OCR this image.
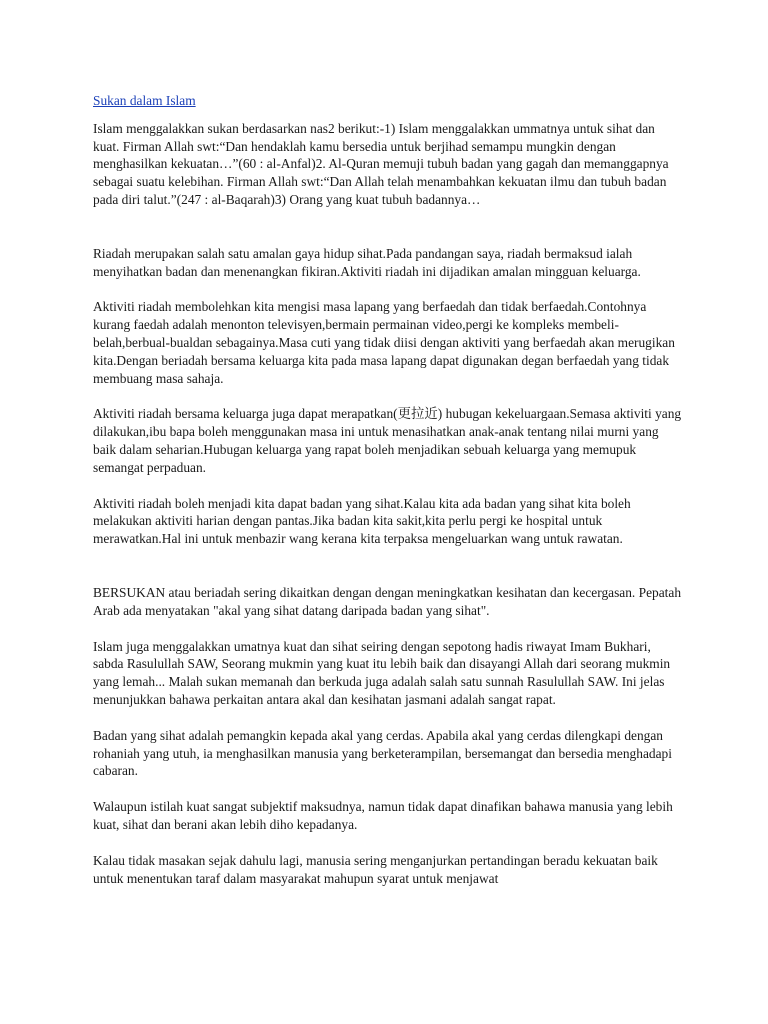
Sukan dalam Islam

Islam menggalakkan sukan berdasarkan nas2 berikut:-1) Islam menggalakkan ummatnya untuk sihat dan kuat. Firman Allah swt:“Dan hendaklah kamu bersedia untuk berjihad semampu mungkin dengan menghasilkan kekuatan…”(60 : al-Anfal)2. Al-Quran memuji tubuh badan yang gagah dan memanggapnya sebagai suatu kelebihan. Firman Allah swt:“Dan Allah telah menambahkan kekuatan ilmu dan tubuh badan pada diri talut.”(247 : al-Baqarah)3) Orang yang kuat tubuh badannya…

Riadah merupakan salah satu amalan gaya hidup sihat.Pada pandangan saya, riadah bermaksud ialah menyihatkan badan dan menenangkan fikiran.Aktiviti riadah ini dijadikan amalan mingguan keluarga.

Aktiviti riadah membolehkan kita mengisi masa lapang yang berfaedah dan tidak berfaedah.Contohnya kurang faedah adalah menonton televisyen,bermain permainan video,pergi ke kompleks membeli-belah,berbual-bualdan sebagainya.Masa cuti yang tidak diisi dengan aktiviti yang berfaedah akan merugikan kita.Dengan beriadah bersama keluarga kita pada masa lapang dapat digunakan degan berfaedah yang tidak membuang masa sahaja.

Aktiviti riadah bersama keluarga juga dapat merapatkan(更拉近) hubugan kekeluargaan.Semasa aktiviti yang dilakukan,ibu bapa boleh menggunakan masa ini untuk menasihatkan anak-anak tentang nilai murni yang baik dalam seharian.Hubugan keluarga yang rapat boleh menjadikan sebuah keluarga yang memupuk semangat perpaduan.

Aktiviti riadah boleh menjadi kita dapat badan yang sihat.Kalau kita ada badan yang sihat kita boleh melakukan aktiviti harian dengan pantas.Jika badan kita sakit,kita perlu pergi ke hospital untuk merawatkan.Hal ini untuk menbazir wang kerana kita terpaksa mengeluarkan wang untuk rawatan.

BERSUKAN atau beriadah sering dikaitkan dengan dengan meningkatkan kesihatan dan kecergasan. Pepatah Arab ada menyatakan "akal yang sihat datang daripada badan yang sihat".

Islam juga menggalakkan umatnya kuat dan sihat seiring dengan sepotong hadis riwayat Imam Bukhari, sabda Rasulullah SAW, Seorang mukmin yang kuat itu lebih baik dan disayangi Allah dari seorang mukmin yang lemah... Malah sukan memanah dan berkuda juga adalah salah satu sunnah Rasulullah SAW. Ini jelas menunjukkan bahawa perkaitan antara akal dan kesihatan jasmani adalah sangat rapat.

Badan yang sihat adalah pemangkin kepada akal yang cerdas. Apabila akal yang cerdas dilengkapi dengan rohaniah yang utuh, ia menghasilkan manusia yang berketerampilan, bersemangat dan bersedia menghadapi cabaran.

Walaupun istilah kuat sangat subjektif maksudnya, namun tidak dapat dinafikan bahawa manusia yang lebih kuat, sihat dan berani akan lebih diho kepadanya.

Kalau tidak masakan sejak dahulu lagi, manusia sering menganjurkan pertandingan beradu kekuatan baik untuk menentukan taraf dalam masyarakat mahupun syarat untuk menjawat
